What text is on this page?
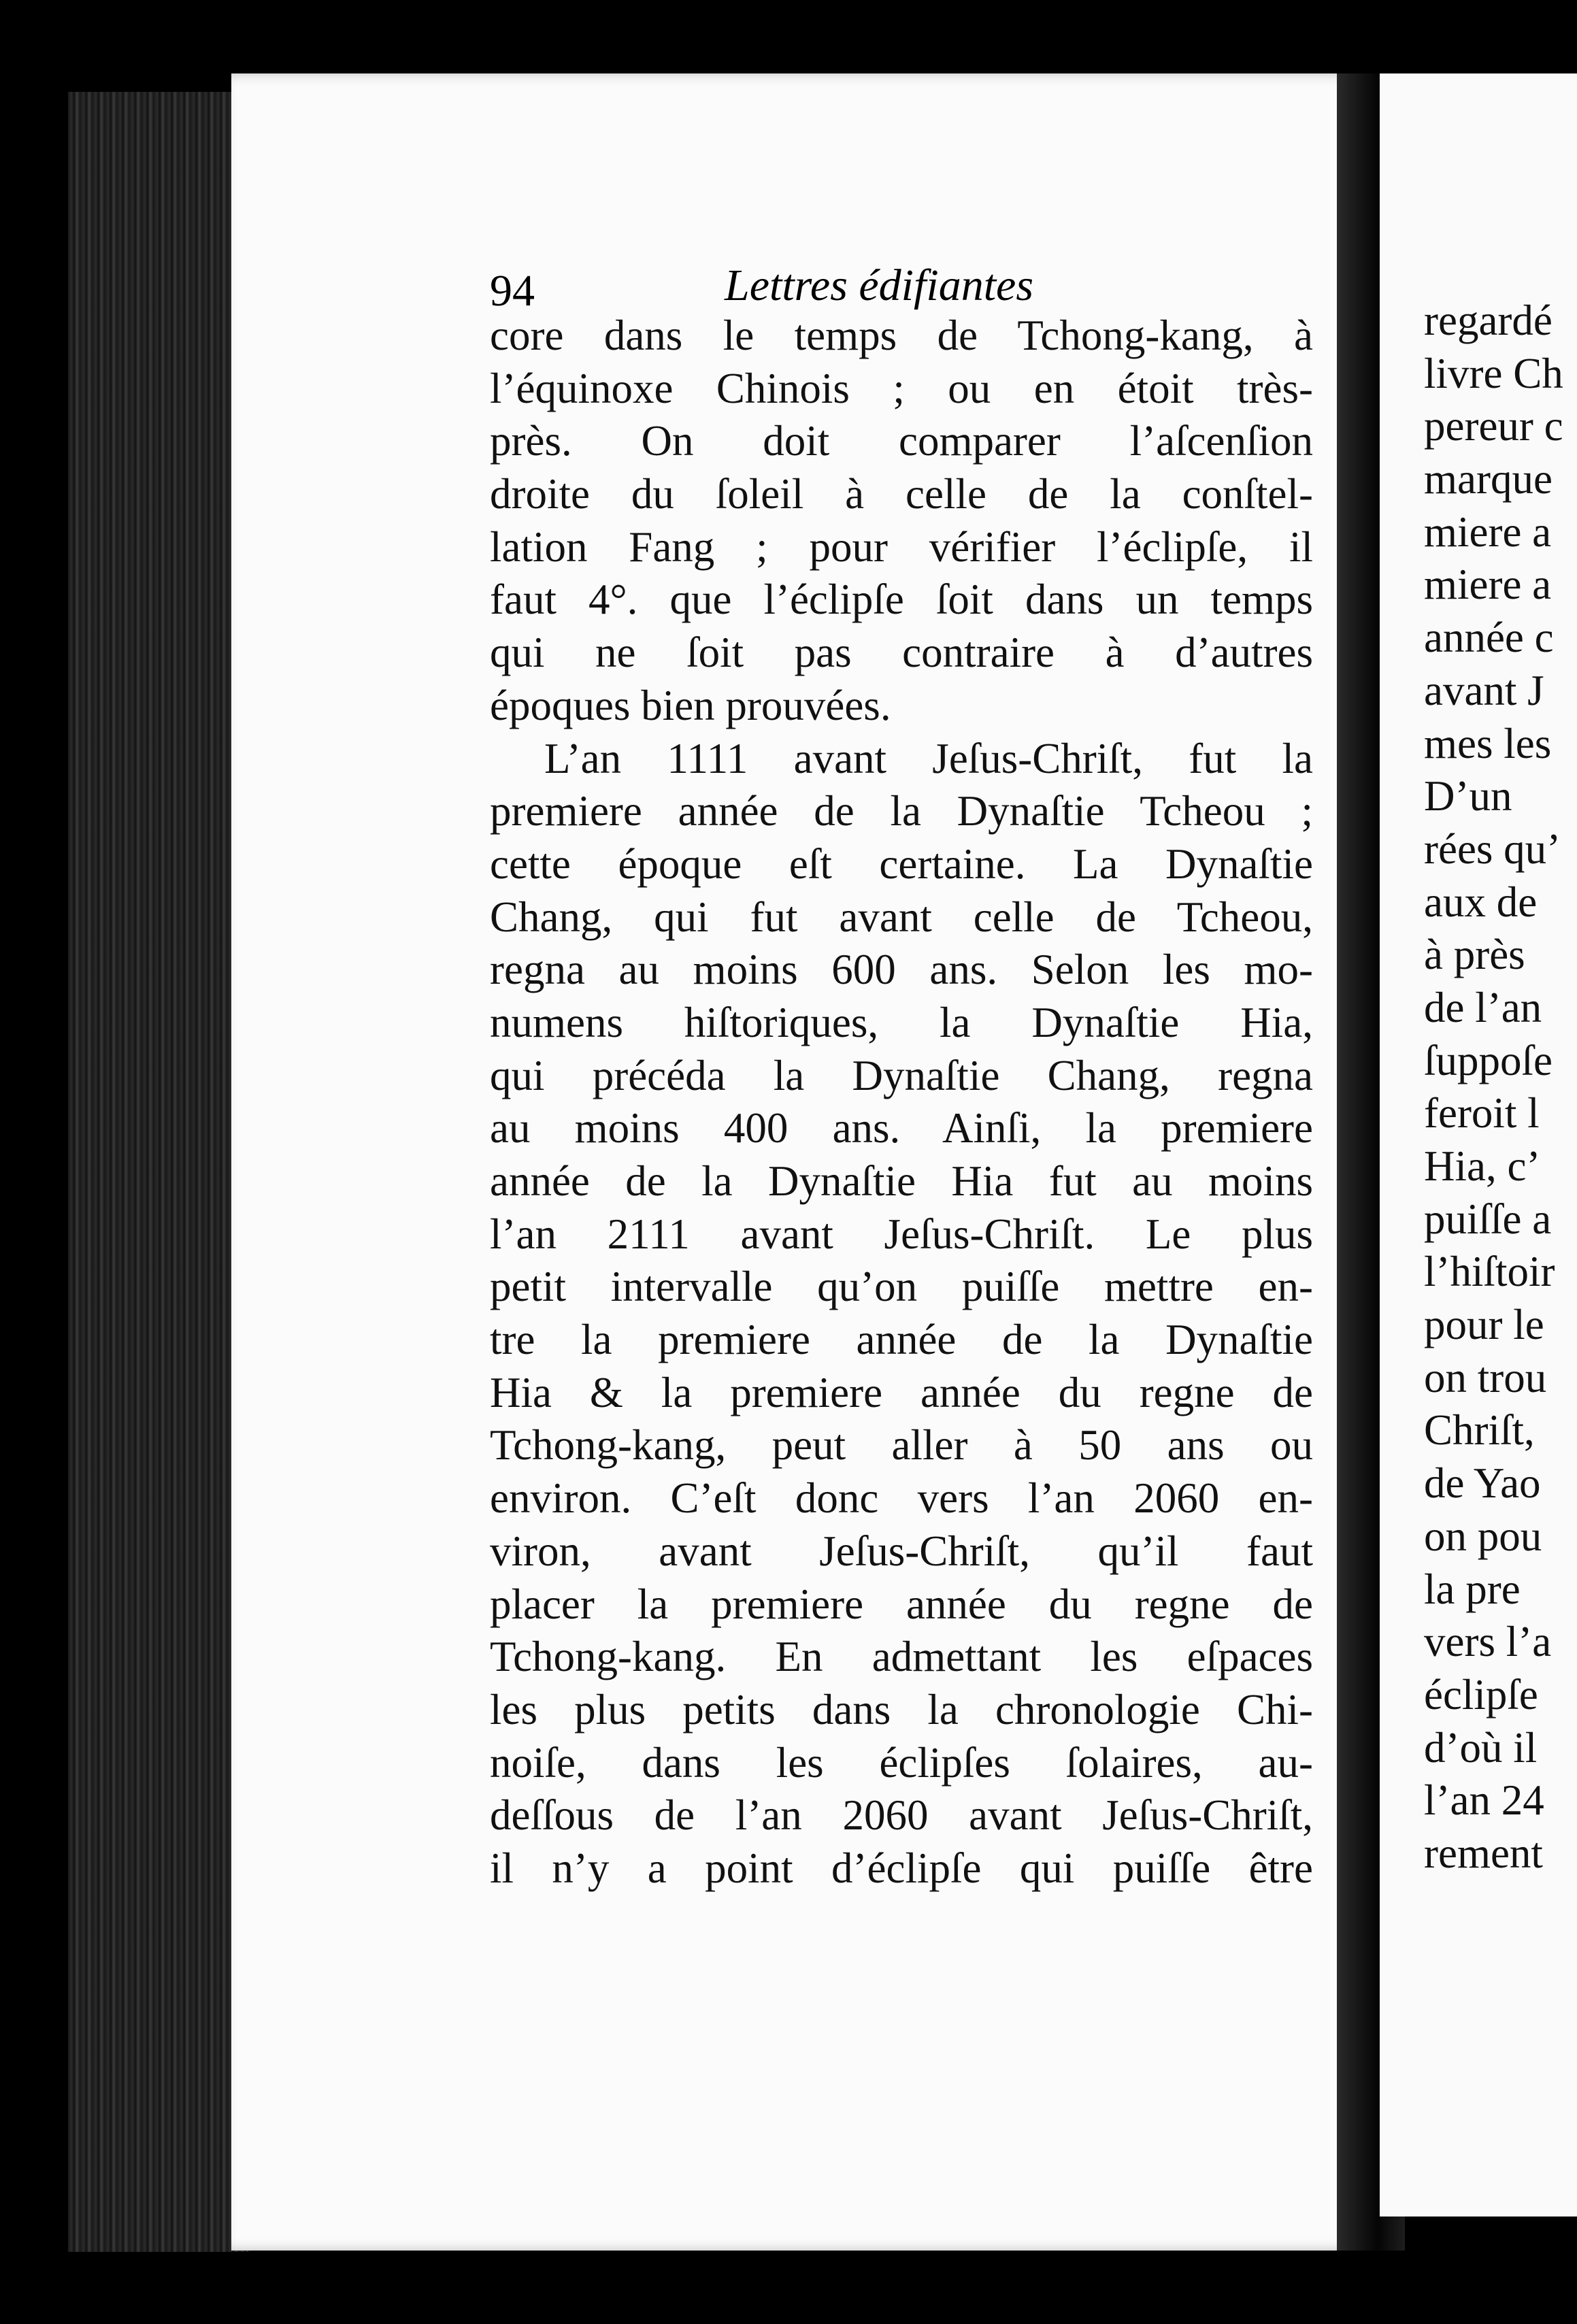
regardé
livre Ch
pereur c
marque
miere a
miere a
année c
avant J
mes les
D’un
rées qu’
aux de
à près
de l’an
ſuppoſe
feroit l
Hia, c’
puiſſe a
l’hiſtoir
pour le
on trou
Chriſt,
de Yao
on pou
la pre
vers l’a
éclipſe
d’où il
l’an 24
rement
94	Lettres édifiantes
core dans le temps de Tchong-kang, à
l’équinoxe Chinois ; ou en étoit très-
près. On doit comparer l’aſcenſion
droite du ſoleil à celle de la conſtel-
lation Fang ; pour vérifier l’éclipſe, il
faut 4°. que l’éclipſe ſoit dans un temps
qui ne ſoit pas contraire à d’autres
époques bien prouvées.
L’an 1111 avant Jeſus-Chriſt, fut la
premiere année de la Dynaſtie Tcheou ;
cette époque eſt certaine. La Dynaſtie
Chang, qui fut avant celle de Tcheou,
regna au moins 600 ans. Selon les mo-
numens hiſtoriques, la Dynaſtie Hia,
qui précéda la Dynaſtie Chang, regna
au moins 400 ans. Ainſi, la premiere
année de la Dynaſtie Hia fut au moins
l’an 2111 avant Jeſus-Chriſt. Le plus
petit intervalle qu’on puiſſe mettre en-
tre la premiere année de la Dynaſtie
Hia & la premiere année du regne de
Tchong-kang, peut aller à 50 ans ou
environ. C’eſt donc vers l’an 2060 en-
viron, avant Jeſus-Chriſt, qu’il faut
placer la premiere année du regne de
Tchong-kang. En admettant les eſpaces
les plus petits dans la chronologie Chi-
noiſe, dans les éclipſes ſolaires, au-
deſſous de l’an 2060 avant Jeſus-Chriſt,
il n’y a point d’éclipſe qui puiſſe être
